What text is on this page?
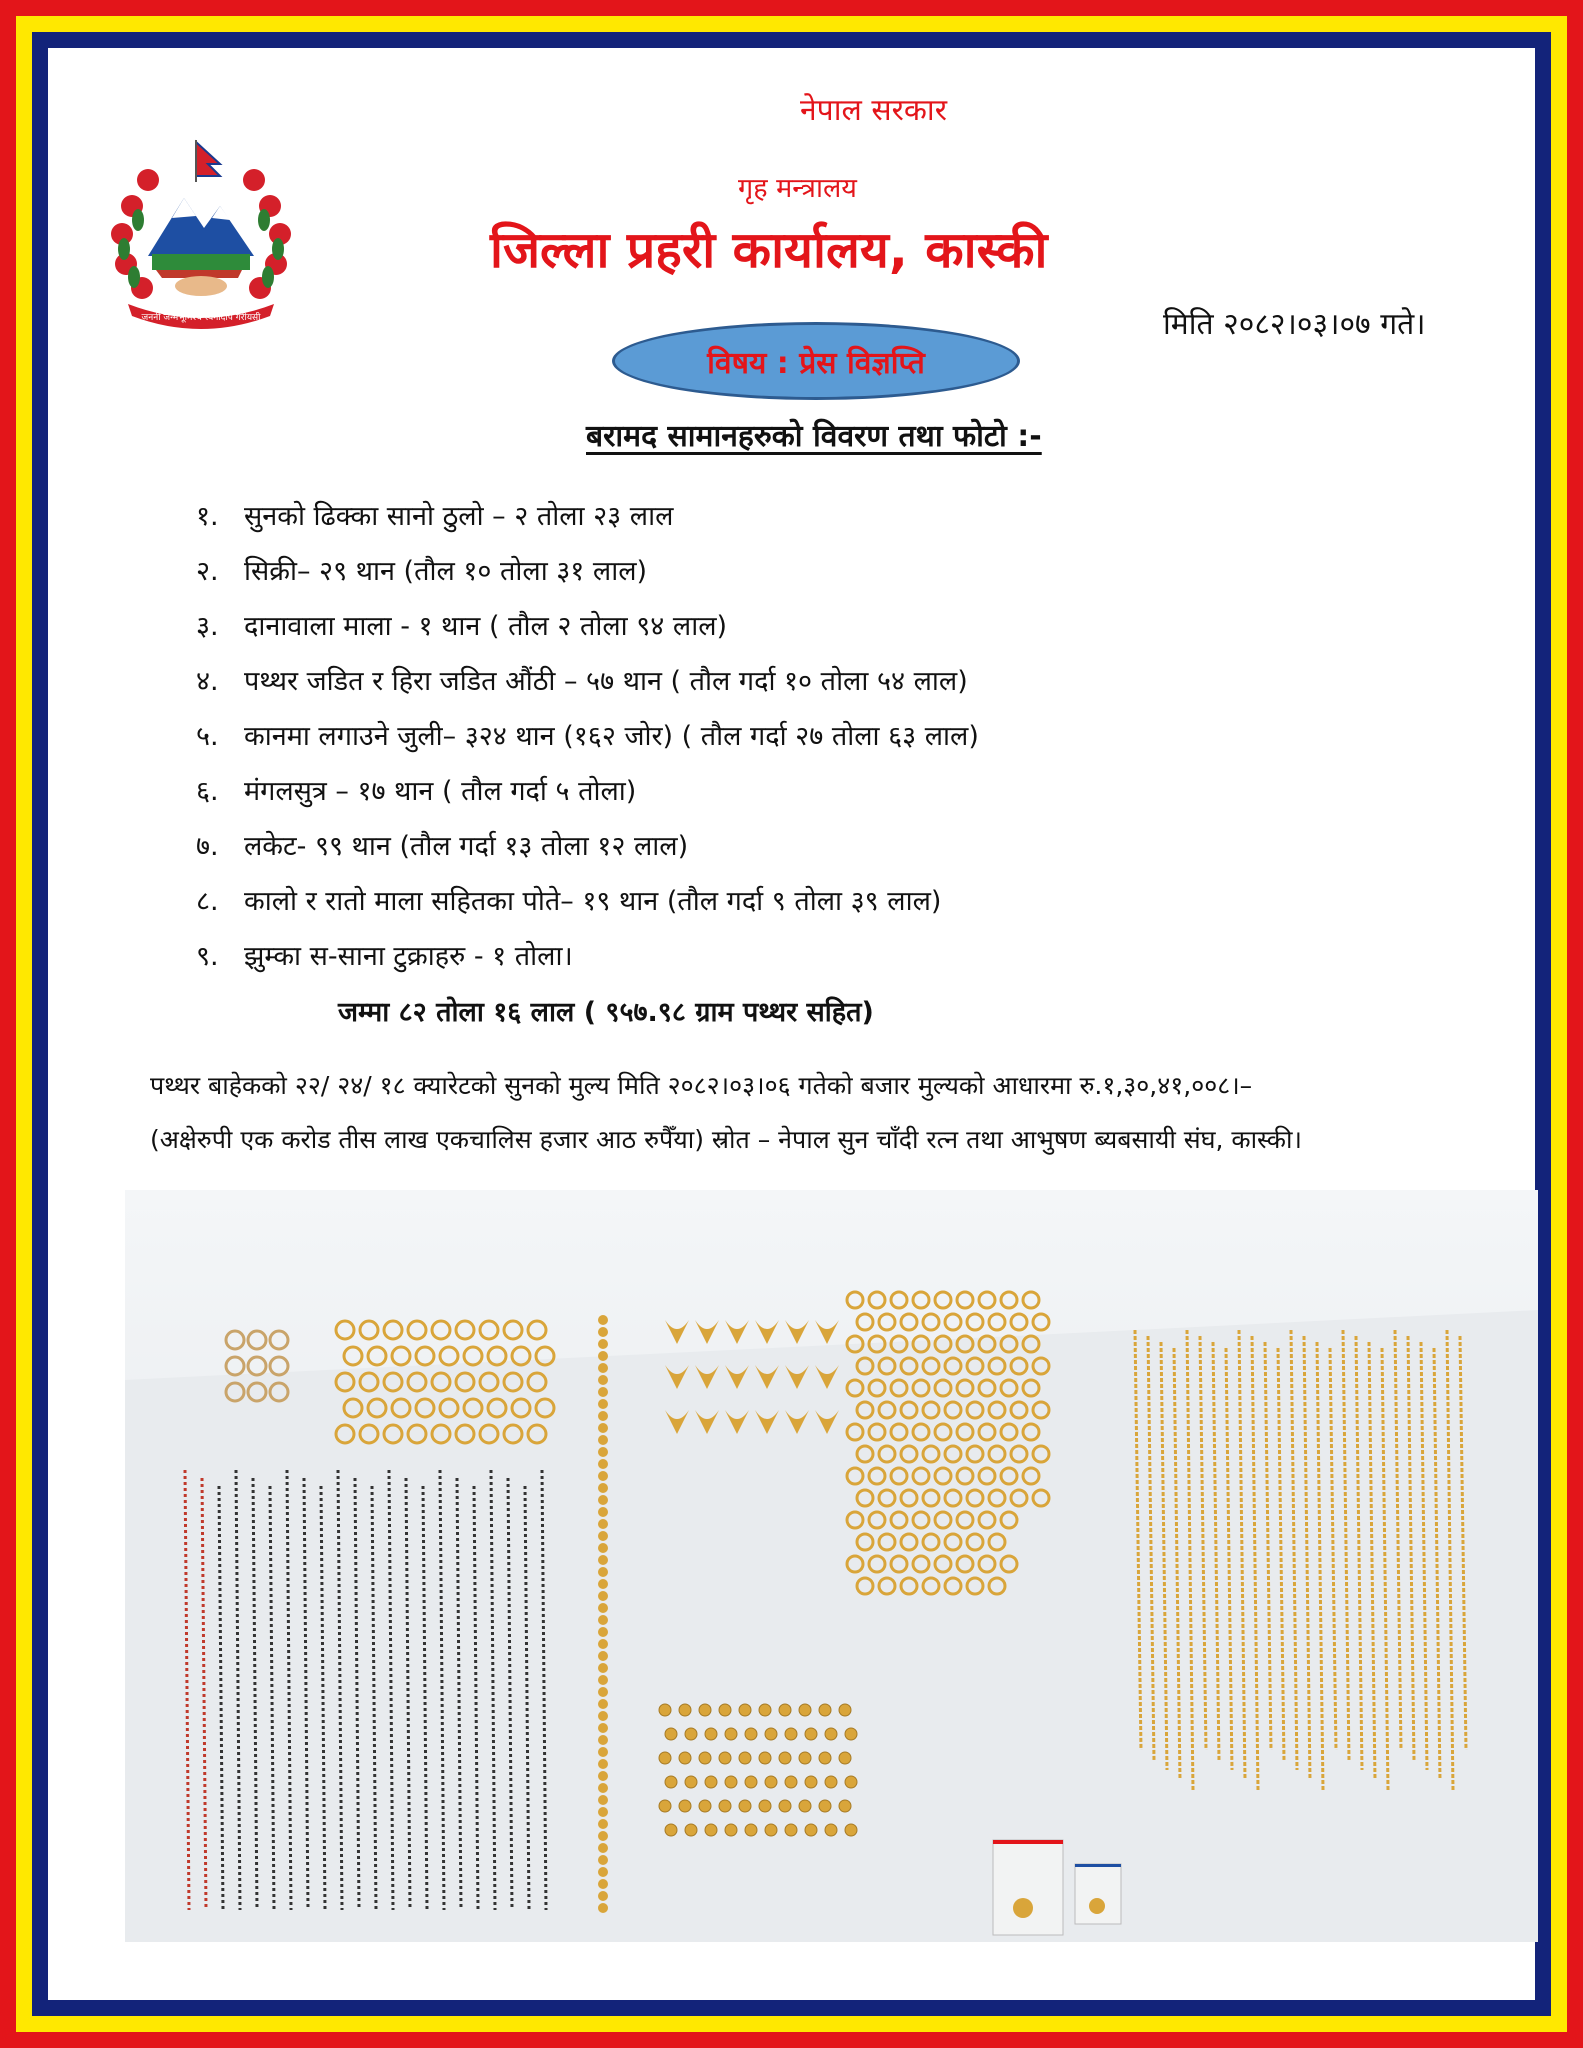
जननी जन्मभूमिश्च स्वर्गादपि गरीयसी
नेपाल सरकार
गृह मन्त्रालय
जिल्ला प्रहरी कार्यालय, कास्की
मिति २०८२।०३।०७ गते।
विषय : प्रेस विज्ञप्ति
बरामद सामानहरुको विवरण तथा फोटो :-
१. सुनको ढिक्का सानो ठुलो – २ तोला २३ लाल
२. सिक्री– २९ थान (तौल १० तोला ३१ लाल)
३. दानावाला माला - १ थान ( तौल २ तोला ९४ लाल)
४. पथ्थर जडित र हिरा जडित औंठी – ५७ थान ( तौल गर्दा १० तोला ५४ लाल)
५. कानमा लगाउने जुली– ३२४ थान (१६२ जोर) ( तौल गर्दा २७ तोला ६३ लाल)
६. मंगलसुत्र – १७ थान ( तौल गर्दा ५ तोला)
७. लकेट- ९९ थान (तौल गर्दा १३ तोला १२ लाल)
८. कालो र रातो माला सहितका पोते– १९ थान (तौल गर्दा ९ तोला ३९ लाल)
९. झुम्का स-साना टुक्राहरु - १ तोला।
जम्मा ८२ तोला १६ लाल ( ९५७.९८ ग्राम पथ्थर सहित)
पथ्थर बाहेकको २२/ २४/ १८ क्यारेटको सुनको मुल्य मिति २०८२।०३।०६ गतेको बजार मुल्यको आधारमा रु.१,३०,४१,००८।–
(अक्षेरुपी एक करोड तीस लाख एकचालिस हजार आठ रुपैँया) स्रोत – नेपाल सुन चाँदी रत्न तथा आभुषण ब्यबसायी संघ, कास्की।
